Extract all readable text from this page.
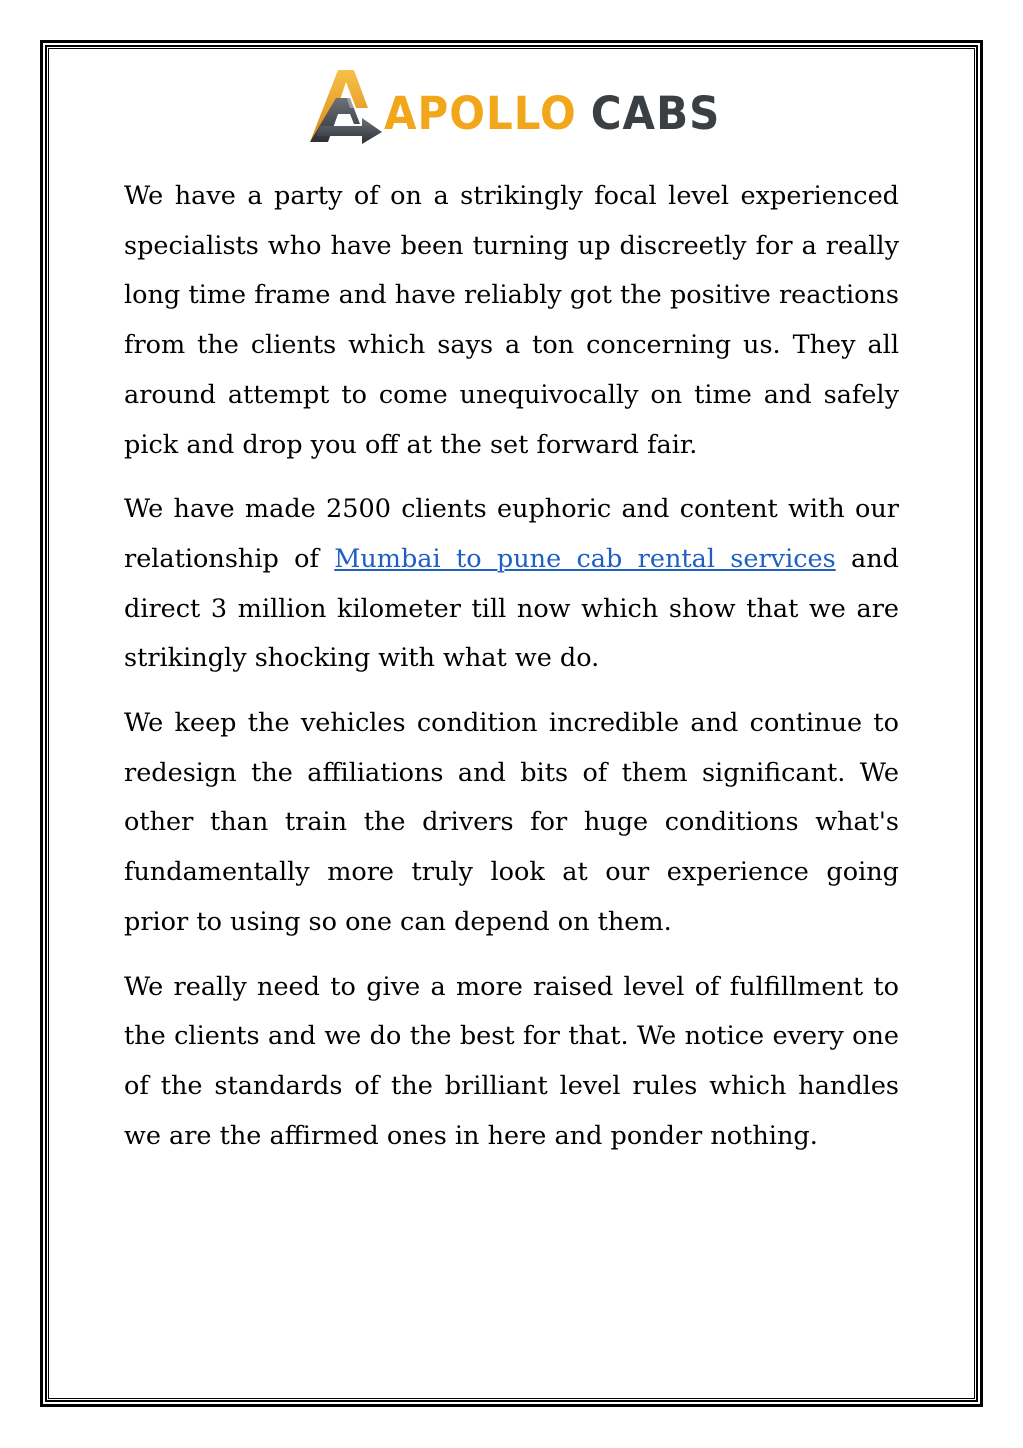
APOLLO CABS

We have a party of on a strikingly focal level experienced specialists who have been turning up discreetly for a really long time frame and have reliably got the positive reactions from the clients which says a ton concerning us. They all around attempt to come unequivocally on time and safely pick and drop you off at the set forward fair.

We have made 2500 clients euphoric and content with our relationship of Mumbai to pune cab rental services and direct 3 million kilometer till now which show that we are strikingly shocking with what we do.

We keep the vehicles condition incredible and continue to redesign the affiliations and bits of them significant. We other than train the drivers for huge conditions what's fundamentally more truly look at our experience going prior to using so one can depend on them.

We really need to give a more raised level of fulfillment to the clients and we do the best for that. We notice every one of the standards of the brilliant level rules which handles we are the affirmed ones in here and ponder nothing.
